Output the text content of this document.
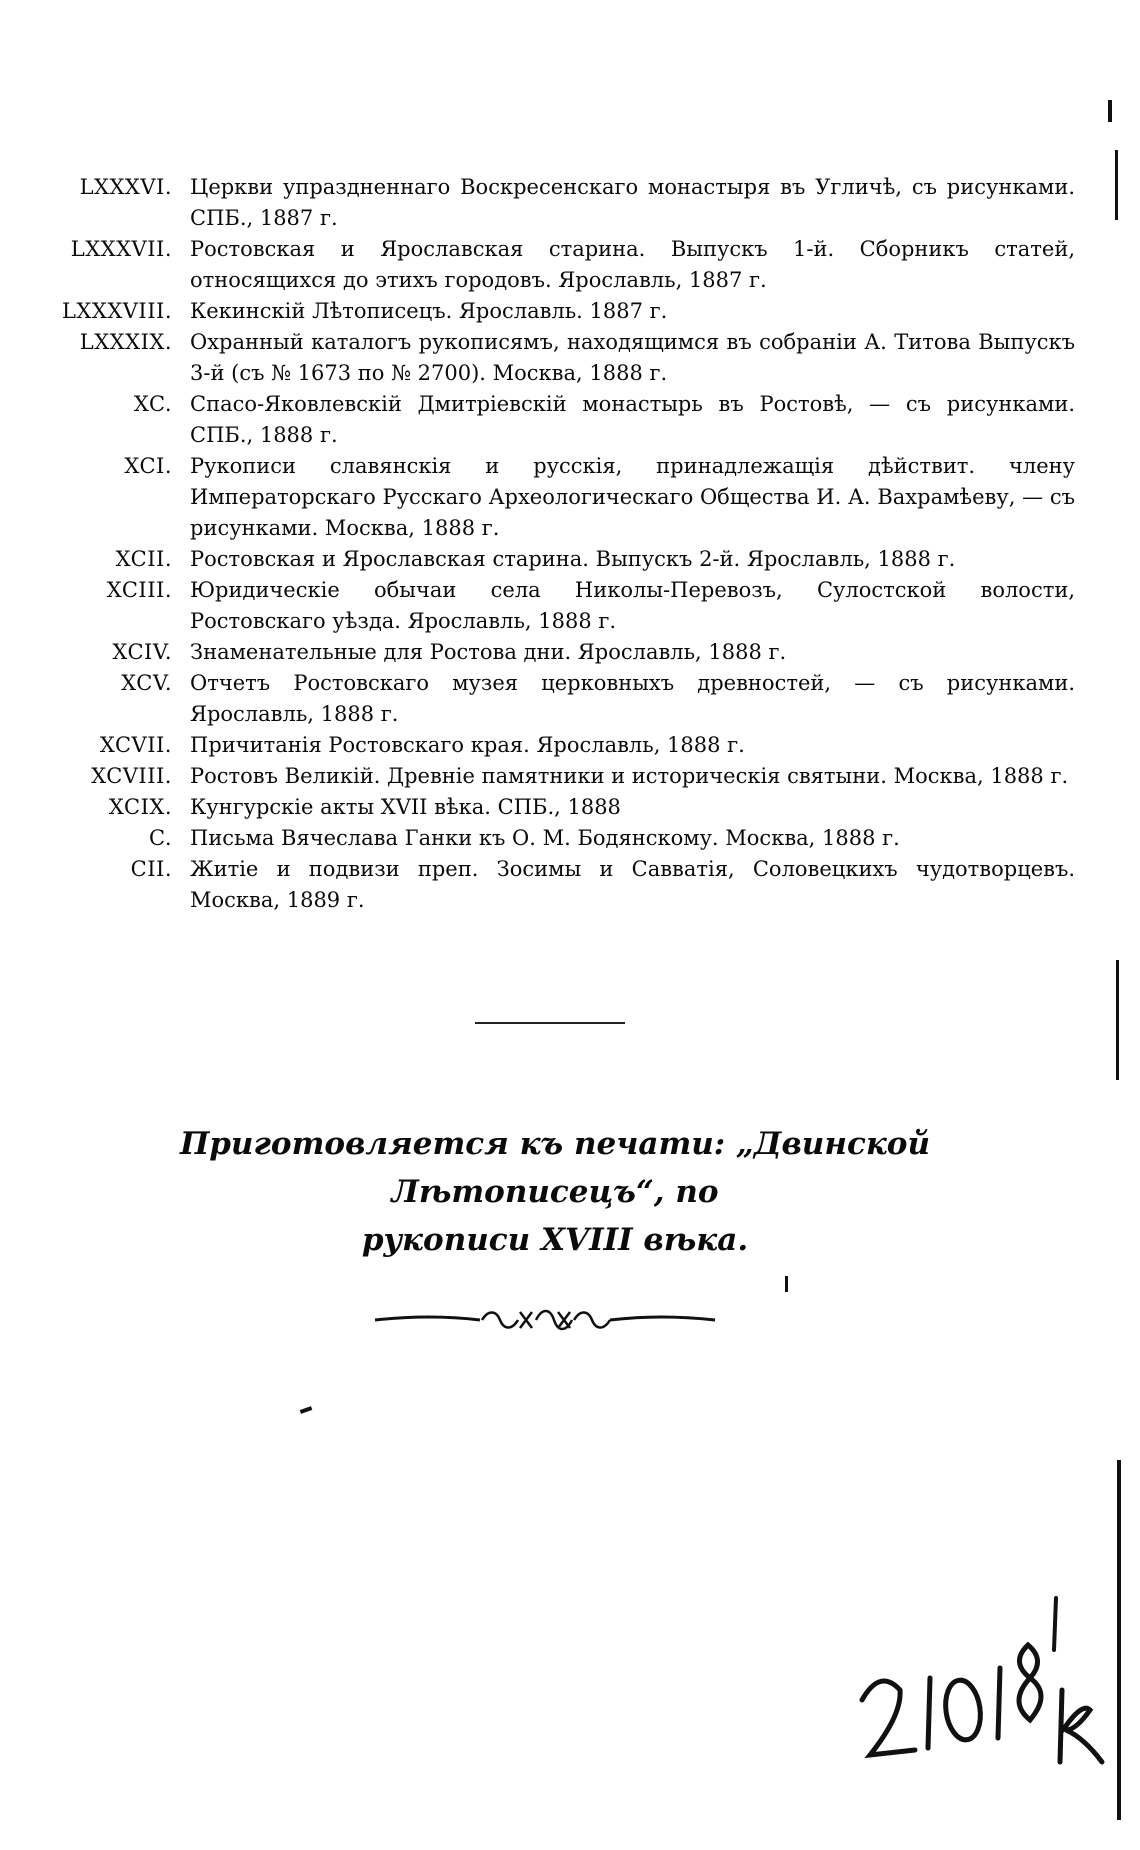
LXXXVI. Церкви упраздненнаго Воскресенскаго монастыря въ Угличѣ, съ рисунками. СПБ., 1887 г.
LXXXVII. Ростовская и Ярославская старина. Выпускъ 1-й. Сборникъ статей, относящихся до этихъ городовъ. Ярославль, 1887 г.
LXXXVIII. Кекинскій Лѣтописецъ. Ярославль. 1887 г.
LXXXIX. Охранный каталогъ рукописямъ, находящимся въ собраніи А. Титова Выпускъ 3-й (съ № 1673 по № 2700). Москва, 1888 г.
XC. Спасо-Яковлевскій Дмитріевскій монастырь въ Ростовѣ, — съ рисунками. СПБ., 1888 г.
XCI. Рукописи славянскія и русскія, принадлежащія дѣйствит. члену Императорскаго Русскаго Археологическаго Общества И. А. Вахрамѣеву, — съ рисунками. Москва, 1888 г.
XCII. Ростовская и Ярославская старина. Выпускъ 2-й. Ярославль, 1888 г.
XCIII. Юридическіе обычаи села Николы-Перевозъ, Сулостской волости, Ростовскаго уѣзда. Ярославль, 1888 г.
XCIV. Знаменательные для Ростова дни. Ярославль, 1888 г.
XCV. Отчетъ Ростовскаго музея церковныхъ древностей, — съ рисунками. Ярославль, 1888 г.
XCVII. Причитанія Ростовскаго края. Ярославль, 1888 г.
XCVIII. Ростовъ Великій. Древніе памятники и историческія святыни. Москва, 1888 г.
XCIX. Кунгурскіе акты XVII вѣка. СПБ., 1888
C. Письма Вячеслава Ганки къ О. М. Бодянскому. Москва, 1888 г.
CII. Житіе и подвизи преп. Зосимы и Савватія, Соловецкихъ чудотворцевъ. Москва, 1889 г.
Приготовляется къ печати: „Двинской Лѣтописецъ“, по
рукописи XVIII вѣка.
